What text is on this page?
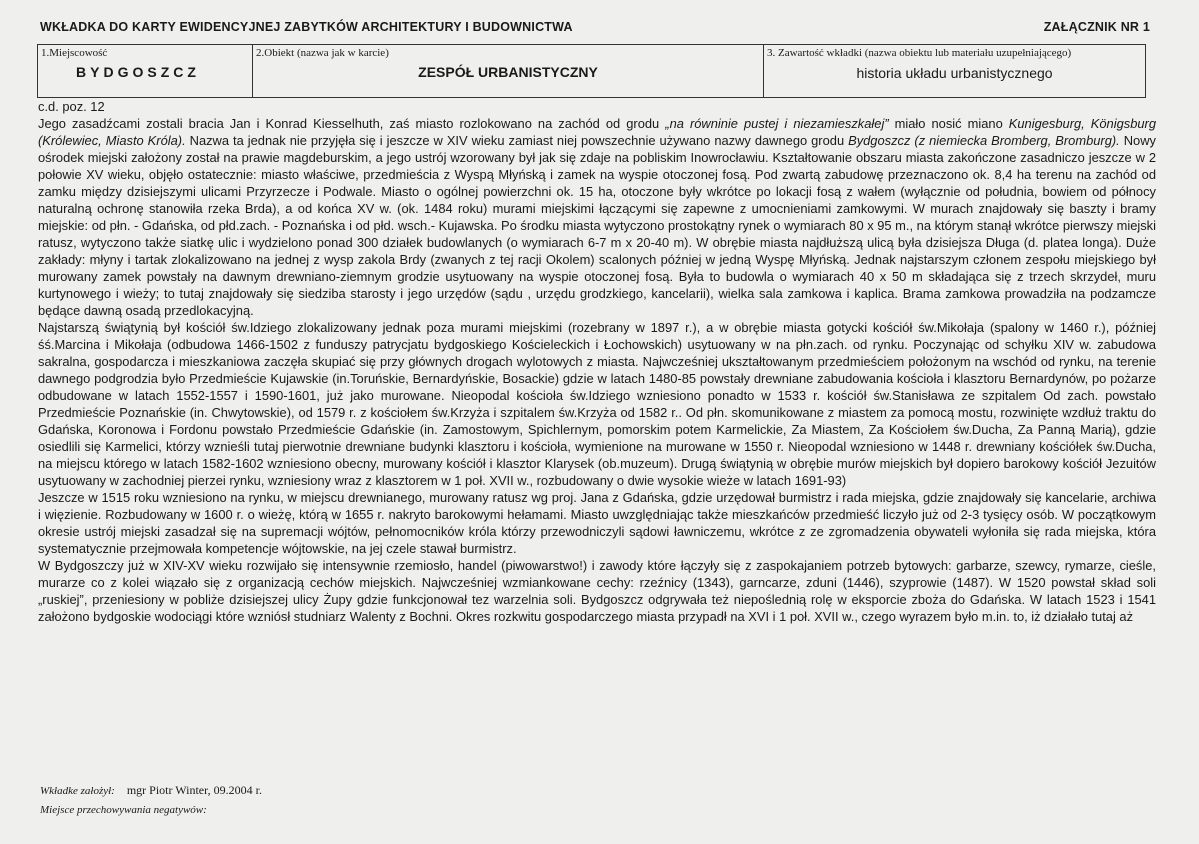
WKŁADKA DO KARTY EWIDENCYJNEJ ZABYTKÓW ARCHITEKTURY I BUDOWNICTWA	ZAŁĄCZNIK NR 1
1.Miejscowość
BYDGOSZCZ
2.Obiekt (nazwa jak w karcie)
ZESPÓŁ URBANISTYCZNY
3. Zawartość wkładki (nazwa obiektu lub materiału uzupełniającego)
historia układu urbanistycznego

c.d. poz. 12

Jego zasadźcami zostali bracia Jan i Konrad Kiesselhuth, zaś miasto rozlokowano na zachód od grodu „na równinie pustej i niezamieszkałej” miało nosić miano Kunigesburg, Königsburg (Królewiec, Miasto Króla). Nazwa ta jednak nie przyjęła się i jeszcze w XIV wieku zamiast niej powszechnie używano nazwy dawnego grodu Bydgoszcz (z niemiecka Bromberg, Bromburg). Nowy ośrodek miejski założony został na prawie magdeburskim, a jego ustrój wzorowany był jak się zdaje na pobliskim Inowrocławiu. Kształtowanie obszaru miasta zakończone zasadniczo jeszcze w 2 połowie XV wieku, objęło ostatecznie: miasto właściwe, przedmieścia z Wyspą Młyńską i zamek na wyspie otoczonej fosą. Pod zwartą zabudowę przeznaczono ok. 8,4 ha terenu na zachód od zamku między dzisiejszymi ulicami Przyrzecze i Podwale. Miasto o ogólnej powierzchni ok. 15 ha, otoczone były wkrótce po lokacji fosą z wałem (wyłącznie od południa, bowiem od północy naturalną ochronę stanowiła rzeka Brda), a od końca XV w. (ok. 1484 roku) murami miejskimi łączącymi się zapewne z umocnieniami zamkowymi. W murach znajdowały się baszty i bramy miejskie: od płn. - Gdańska, od płd.zach. - Poznańska i od płd. wsch.- Kujawska. Po środku miasta wytyczono prostokątny rynek o wymiarach 80 x 95 m., na którym stanął wkrótce pierwszy miejski ratusz, wytyczono także siatkę ulic i wydzielono ponad 300 działek budowlanych (o wymiarach 6-7 m x 20-40 m). W obrębie miasta najdłuższą ulicą była dzisiejsza Długa (d. platea longa). Duże zakłady: młyny i tartak zlokalizowano na jednej z wysp zakola Brdy (zwanych z tej racji Okolem) scalonych później w jedną Wyspę Młyńską. Jednak najstarszym członem zespołu miejskiego był murowany zamek powstały na dawnym drewniano-ziemnym grodzie usytuowany na wyspie otoczonej fosą. Była to budowla o wymiarach 40 x 50 m składająca się z trzech skrzydeł, muru kurtynowego i wieży; to tutaj znajdowały się siedziba starosty i jego urzędów (sądu , urzędu grodzkiego, kancelarii), wielka sala zamkowa i kaplica. Brama zamkowa prowadziła na podzamcze będące dawną osadą przedlokacyjną.

Najstarszą świątynią był kościół św.Idziego zlokalizowany jednak poza murami miejskimi (rozebrany w 1897 r.), a w obrębie miasta gotycki kościół św.Mikołaja (spalony w 1460 r.), później śś.Marcina i Mikołaja (odbudowa 1466-1502 z funduszy patrycjatu bydgoskiego Kościeleckich i Łochowskich) usytuowany w na płn.zach. od rynku. Poczynając od schyłku XIV w. zabudowa sakralna, gospodarcza i mieszkaniowa zaczęła skupiać się przy głównych drogach wylotowych z miasta. Najwcześniej ukształtowanym przedmieściem położonym na wschód od rynku, na terenie dawnego podgrodzia było Przedmieście Kujawskie (in.Toruńskie, Bernardyńskie, Bosackie) gdzie w latach 1480-85 powstały drewniane zabudowania kościoła i klasztoru Bernardynów, po pożarze odbudowane w latach 1552-1557 i 1590-1601, już jako murowane. Nieopodal kościoła św.Idziego wzniesiono ponadto w 1533 r. kościół św.Stanisława ze szpitalem Od zach. powstało Przedmieście Poznańskie (in. Chwytowskie), od 1579 r. z kościołem św.Krzyża i szpitalem św.Krzyża od 1582 r.. Od płn. skomunikowane z miastem za pomocą mostu, rozwinięte wzdłuż traktu do Gdańska, Koronowa i Fordonu powstało Przedmieście Gdańskie (in. Zamostowym, Spichlernym, pomorskim potem Karmelickie, Za Miastem, Za Kościołem św.Ducha, Za Panną Marią), gdzie osiedlili się Karmelici, którzy wznieśli tutaj pierwotnie drewniane budynki klasztoru i kościoła, wymienione na murowane w 1550 r. Nieopodal wzniesiono w 1448 r. drewniany kościółek św.Ducha, na miejscu którego w latach 1582-1602 wzniesiono obecny, murowany kościół i klasztor Klarysek (ob.muzeum). Drugą świątynią w obrębie murów miejskich był dopiero barokowy kościół Jezuitów usytuowany w zachodniej pierzei rynku, wzniesiony wraz z klasztorem w 1 poł. XVII w., rozbudowany o dwie wysokie wieże w latach 1691-93)

Jeszcze w 1515 roku wzniesiono na rynku, w miejscu drewnianego, murowany ratusz wg proj. Jana z Gdańska, gdzie urzędował burmistrz i rada miejska, gdzie znajdowały się kancelarie, archiwa i więzienie. Rozbudowany w 1600 r. o wieżę, którą w 1655 r. nakryto barokowymi hełamami. Miasto uwzględniając także mieszkańców przedmieść liczyło już od 2-3 tysięcy osób. W początkowym okresie ustrój miejski zasadzał się na supremacji wójtów, pełnomocników króla którzy przewodniczyli sądowi ławniczemu, wkrótce z ze zgromadzenia obywateli wyłoniła się rada miejska, która systematycznie przejmowała kompetencje wójtowskie, na jej czele stawał burmistrz.

W Bydgoszczy już w XIV-XV wieku rozwijało się intensywnie rzemiosło, handel (piwowarstwo!) i zawody które łączyły się z zaspokajaniem potrzeb bytowych: garbarze, szewcy, rymarze, cieśle, murarze co z kolei wiązało się z organizacją cechów miejskich. Najwcześniej wzmiankowane cechy: rzeźnicy (1343), garncarze, zduni (1446), szyprowie (1487). W 1520 powstał skład soli „ruskiej”, przeniesiony w pobliże dzisiejszej ulicy Żupy gdzie funkcjonował tez warzelnia soli. Bydgoszcz odgrywała też niepoślednią rolę w eksporcie zboża do Gdańska. W latach 1523 i 1541 założono bydgoskie wodociągi które wzniósł studniarz Walenty z Bochni. Okres rozkwitu gospodarczego miasta przypadł na XVI i 1 poł. XVII w., czego wyrazem było m.in. to, iż działało tutaj aż

Wkładke założył: mgr Piotr Winter, 09.2004 r.
Miejsce przechowywania negatywów:
